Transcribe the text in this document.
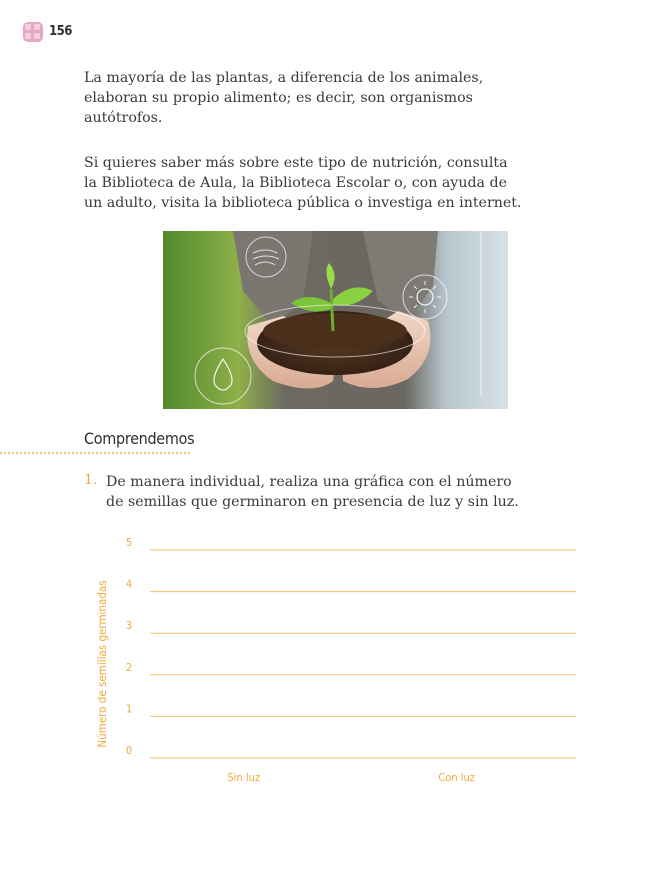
156

La mayoría de las plantas, a diferencia de los animales, elaboran su propio alimento; es decir, son organismos autótrofos.

Si quieres saber más sobre este tipo de nutrición, consulta la Biblioteca de Aula, la Biblioteca Escolar o, con ayuda de un adulto, visita la biblioteca pública o investiga en internet.

Comprendemos
1. De manera individual, realiza una gráfica con el número de semillas que germinaron en presencia de luz y sin luz.

Número de semillas germinadas
0
1
2
3
4
5
Sin luz	Con luz
